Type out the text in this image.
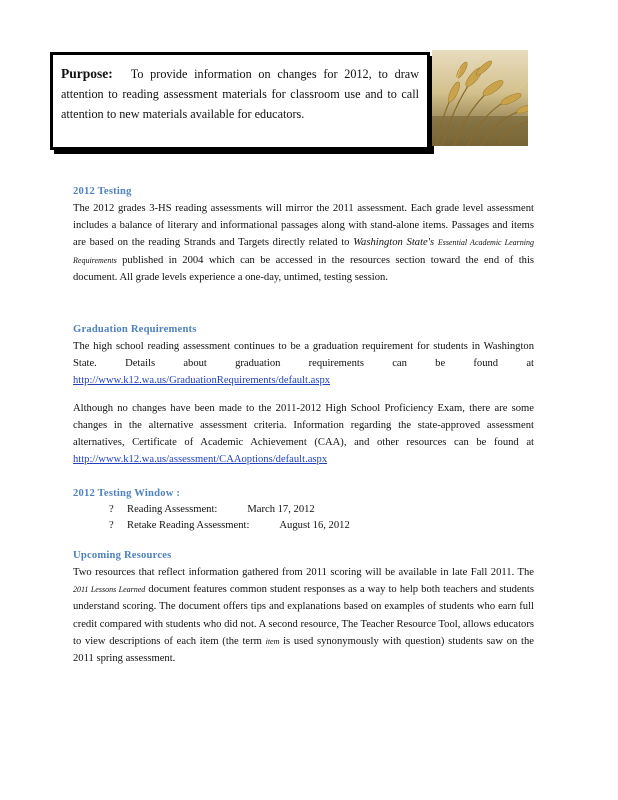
Purpose: To provide information on changes for 2012, to draw attention to reading assessment materials for classroom use and to call attention to new materials available for educators.
2012 Testing

The 2012 grades 3-HS reading assessments will mirror the 2011 assessment. Each grade level assessment includes a balance of literary and informational passages along with stand-alone items. Passages and items are based on the reading Strands and Targets directly related to Washington State's Essential Academic Learning Requirements published in 2004 which can be accessed in the resources section toward the end of this document. All grade levels experience a one-day, untimed, testing session.

Graduation Requirements

The high school reading assessment continues to be a graduation requirement for students in Washington State. Details about graduation requirements can be found at http://www.k12.wa.us/GraduationRequirements/default.aspx

Although no changes have been made to the 2011-2012 High School Proficiency Exam, there are some changes in the alternative assessment criteria. Information regarding the state-approved assessment alternatives, Certificate of Academic Achievement (CAA), and other resources can be found at http://www.k12.wa.us/assessment/CAAoptions/default.aspx

2012 Testing Window :
? Reading Assessment:	March 17, 2012
? Retake Reading Assessment:	August 16, 2012
Upcoming Resources

Two resources that reflect information gathered from 2011 scoring will be available in late Fall 2011. The 2011 Lessons Learned document features common student responses as a way to help both teachers and students understand scoring. The document offers tips and explanations based on examples of students who earn full credit compared with students who did not. A second resource, The Teacher Resource Tool, allows educators to view descriptions of each item (the term item is used synonymously with question) students saw on the 2011 spring assessment.
